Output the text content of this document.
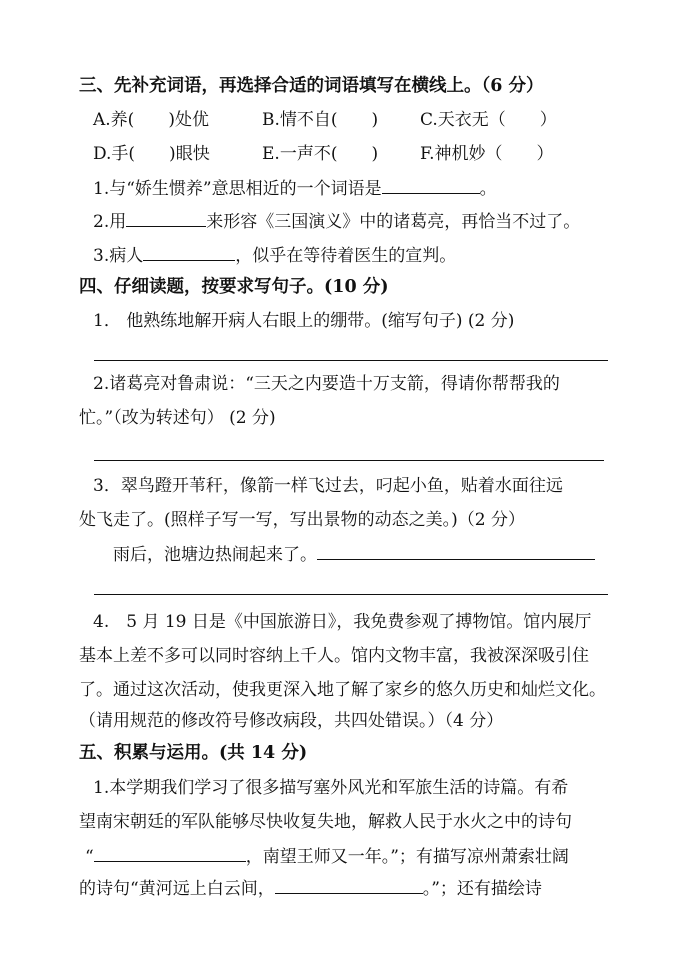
三、先补充词语，再选择合适的词语填写在横线上。（6 分）
A.养(　　)处优	B.情不自(　　) C.天衣无（　　）
D.手(　　)眼快	E.一声不(　　) F.神机妙（　　）
1.与“娇生惯养”意思相近的一个词语是	。
2.用	来形容《三国演义》中的诸葛亮，再恰当不过了。
3.病人	，似乎在等待着医生的宣判。
四、仔细读题，按要求写句子。(10 分)
1． 他熟练地解开病人右眼上的绷带。(缩写句子) (2 分)
2.诸葛亮对鲁肃说：“三天之内要造十万支箭，得请你帮帮我的
忙。”（改为转述句） (2 分)
3．翠鸟蹬开苇秆，像箭一样飞过去，叼起小鱼，贴着水面往远
处飞走了。(照样子写一写，写出景物的动态之美。)（2 分）
雨后，池塘边热闹起来了。
4.　5 月 19 日是《中国旅游日》，我免费参观了搏物馆。馆内展厅
基本上差不多可以同时容纳上千人。馆内文物丰富，我被深深吸引住
了。通过这次活动，使我更深入地了解了家乡的悠久历史和灿烂文化。
（请用规范的修改符号修改病段，共四处错误。）（4 分）
五、积累与运用。(共 14 分)
1.本学期我们学习了很多描写塞外风光和军旅生活的诗篇。有希
望南宋朝廷的军队能够尽快收复失地，解救人民于水火之中的诗句
“	，南望王师又一年。”；有描写凉州萧索壮阔
的诗句“黄河远上白云间，	。”；还有描绘诗
